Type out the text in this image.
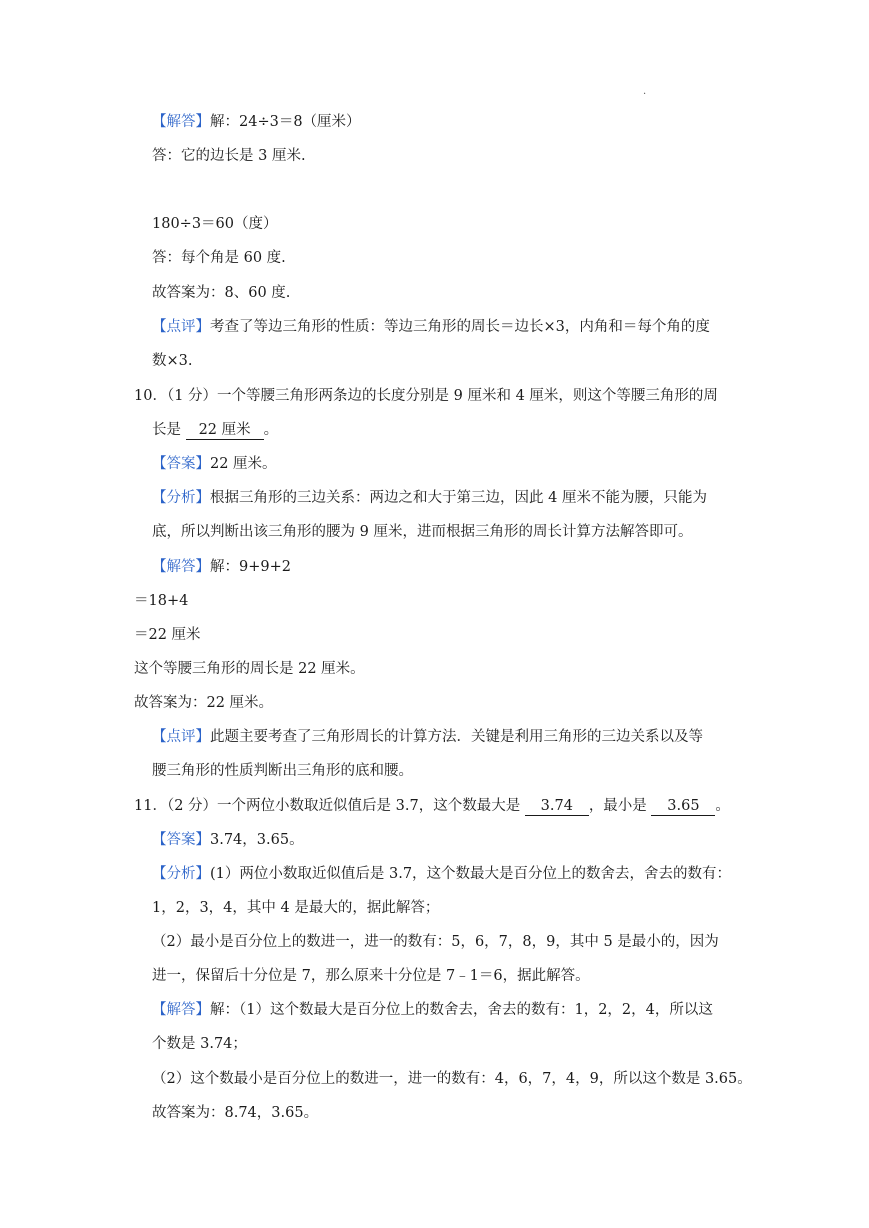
.
【解答】解：24÷3＝8（厘米）
答：它的边长是 3 厘米.
180÷3＝60（度）
答：每个角是 60 度.
故答案为：8、60 度.
【点评】考查了等边三角形的性质：等边三角形的周长＝边长×3，内角和＝每个角的度
数×3.
10．（1 分）一个等腰三角形两条边的长度分别是 9 厘米和 4 厘米，则这个等腰三角形的周
长是 22 厘米 。
【答案】22 厘米。
【分析】根据三角形的三边关系：两边之和大于第三边，因此 4 厘米不能为腰，只能为
底，所以判断出该三角形的腰为 9 厘米，进而根据三角形的周长计算方法解答即可。
【解答】解：9+9+2
＝18+4
＝22 厘米
这个等腰三角形的周长是 22 厘米。
故答案为：22 厘米。
【点评】此题主要考查了三角形周长的计算方法．关键是利用三角形的三边关系以及等
腰三角形的性质判断出三角形的底和腰。
11．（2 分）一个两位小数取近似值后是 3.7，这个数最大是 3.74 ，最小是 3.65 。
【答案】3.74，3.65。
【分析】(1）两位小数取近似值后是 3.7，这个数最大是百分位上的数舍去，舍去的数有：
1，2，3，4，其中 4 是最大的，据此解答；
（2）最小是百分位上的数进一，进一的数有：5，6，7，8，9，其中 5 是最小的，因为
进一，保留后十分位是 7，那么原来十分位是 7﹣1＝6，据此解答。
【解答】解：（1）这个数最大是百分位上的数舍去，舍去的数有：1，2，2，4，所以这
个数是 3.74；
（2）这个数最小是百分位上的数进一，进一的数有：4，6，7，4，9，所以这个数是 3.65。
故答案为：8.74，3.65。
